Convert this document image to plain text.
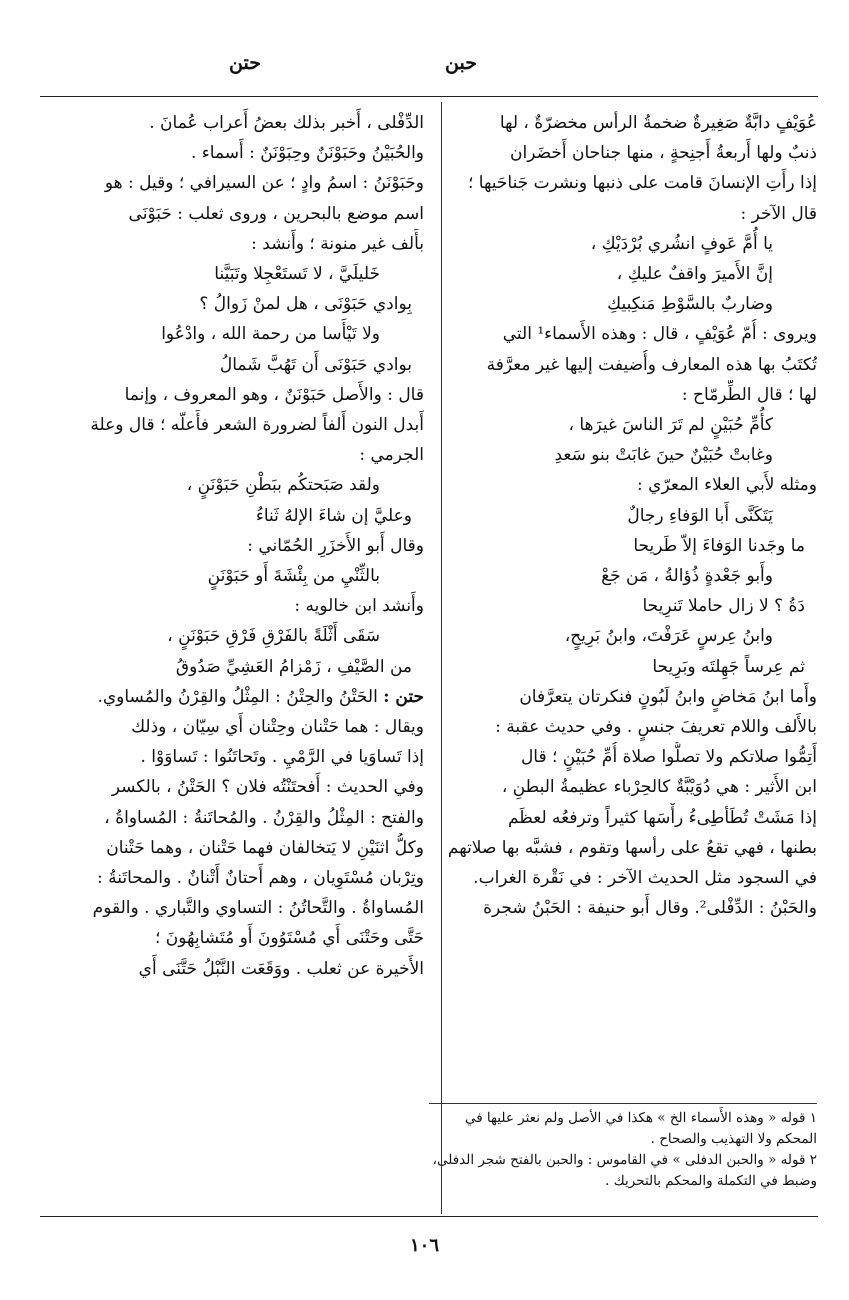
حبن
حتن
عُوَيْفٍ دابَّةٌ صَغِيرةٌ ضخمةُ الرأس مخضرّةٌ ، لها
ذنبٌ ولها أَربعةُ أَجنِحةٍ ، منها جناحان أَخضَران
إذا رأَتِ الإنسانَ قامت على ذنبها ونشرت جَناحَيها ؛
قال الآخر :
يا أُمَّ عَوفٍ انشُري بُرْدَيْكِ ،
إنَّ الأَميرَ واقفٌ عليكِ ،
وضاربٌ بالسَّوْطِ مَنكِبيكِ
ويروى : أُمّ عُوَيْفٍ ، قال : وهذه الأَسماء¹ التي
تُكتَبُ بها هذه المعارف وأُضيفت إليها غير معرَّفة
لها ؛ قال الطِّرمّاح :
كأُمِّ حُبَيْنٍ لم تَرَ الناسَ غيرَها ،
وغابتْ حُبَيْنٌ حينَ غابَتْ بنو سَعدِ
ومثله لأَبي العلاء المعرّي :
يَتَكَنَّى أَبا الوَفاءِ رجالٌ
ما وجَدنا الوَفاءَ إلاّ طَريحا
وأَبو جَعْدةٍ ذُؤالةُ ، مَن جَعْ
دَةُ ؟ لا زال حاملا تَنرِيحا
وابنُ عِرسٍ عَرَفْتَ، وابنُ بَرِيحٍ،
ثم عِرساً جَهِلتَه وبَرِيحا
وأَما ابنُ مَخاضٍ وابنُ لَبُونٍ فنكرتان يتعرَّفان
بالأَلف واللام تعريفَ جنسٍ . وفي حديث عقبة :
أَتِمُّوا صلاتكم ولا تصلُّوا صلاة أُمِّ حُبَيْنٍ ؛ قال
ابن الأَثير : هي دُوَيْبَّةٌ كالحِرْباء عظيمةُ البطنِ ،
إذا مَشَتْ تُطَأطِىءُ رأْسَها كثيراً وترفعُه لعظَم
بطنها ، فهي تقعُ على رأسها وتقوم ، فشبَّه بها صلاتهم
في السجود مثل الحديث الآخر : في نَقْرة الغراب.
والحَبْنُ : الدِّفْلى². وقال أَبو حنيفة : الحَبْنُ شجرة
١ قوله « وهذه الأَسماء الخ » هكذا في الأصل ولم نعثر عليها في
المحكم ولا التهذيب والصحاح .
٢ قوله « والحبن الدفلى » في القاموس : والحبن بالفتح شجر الدفلى،
وضبط في التكملة والمحكم بالتحريك .
الدِّفْلى ، أَخبر بذلك بعضُ أَعراب عُمانَ .
والحُبَيْنُ وحَبَوْنَنٌ وحِبَوْنَنٌ : أَسماء .
وحَبَوْنَنُ : اسمُ وادٍ ؛ عن السيرافي ؛ وقيل : هو
اسم موضع بالبحرين ، وروى ثعلب : حَبَوْنَى
بأَلف غير منونة ؛ وأَنشد :
خَليلَيَّ ، لا تَستَعْجِلا وتَبَيَّنا
بِوادي حَبَوْنَى ، هل لمنْ زَوالُ ؟
ولا تَيْأَسا من رحمة الله ، وادْعُوا
بوادي حَبَوْنَى أَن تَهُبَّ شَمالُ
قال : والأَصل حَبَوْنَنٌ ، وهو المعروف ، وإنما
أَبدل النون أَلفاً لضرورة الشعر فأَعلّه ؛ قال وعلة
الجرمي :
ولقد صَبَحتكُم ببَطْنِ حَبَوْنَنٍ ،
وعليَّ إن شاءَ الإلهُ ثَناءُ
وقال أَبو الأَخزَرِ الحُمّاني :
بالثِّنْيِ من بِئْشَةَ أَو حَبَوْنَنٍ
وأَنشد ابن خالويه :
سَقَى أَثْلَةً بالفَرْقِ فَرْقِ حَبَوْنَنٍ ،
من الصَّيْفِ ، زَمْزامُ العَشِيِّ صَدُوقُ
حتن : الحَتْنُ والحِتْنُ : المِثْلُ والقِرْنُ والمُساوي.
ويقال : هما حَتْنان وحِتْنان أَي سِيّان ، وذلك
إذا تَساوَيا في الرَّمْيِ . وتَحاتَنُوا : تَساوَوْا .
وفي الحديث : أَفحتَنْتُه فلان ؟ الحَتْنُ ، بالكسر
والفتح : المِثْلُ والقِرْنُ . والمُحاتَنةُ : المُساواةُ ،
وكلُّ اثنَيْنِ لا يَتخالفان فهما حَتْنان ، وهما حَتْنان
وتِرْبان مُسْتَوِيان ، وهم أَحتانٌ أَتْنانٌ . والمحاتَنةُ :
المُساواةُ . والتَّحاتُنُ : التساوي والتَّباري . والقوم
حَتَّى وحَتْنَى أَي مُسْتَوُونَ أَو مُتَشابِهُونَ ؛
الأَخيرة عن ثعلب . ووَقَعَت النَّبْلُ حَتَّنَى أَي
١٠٦
